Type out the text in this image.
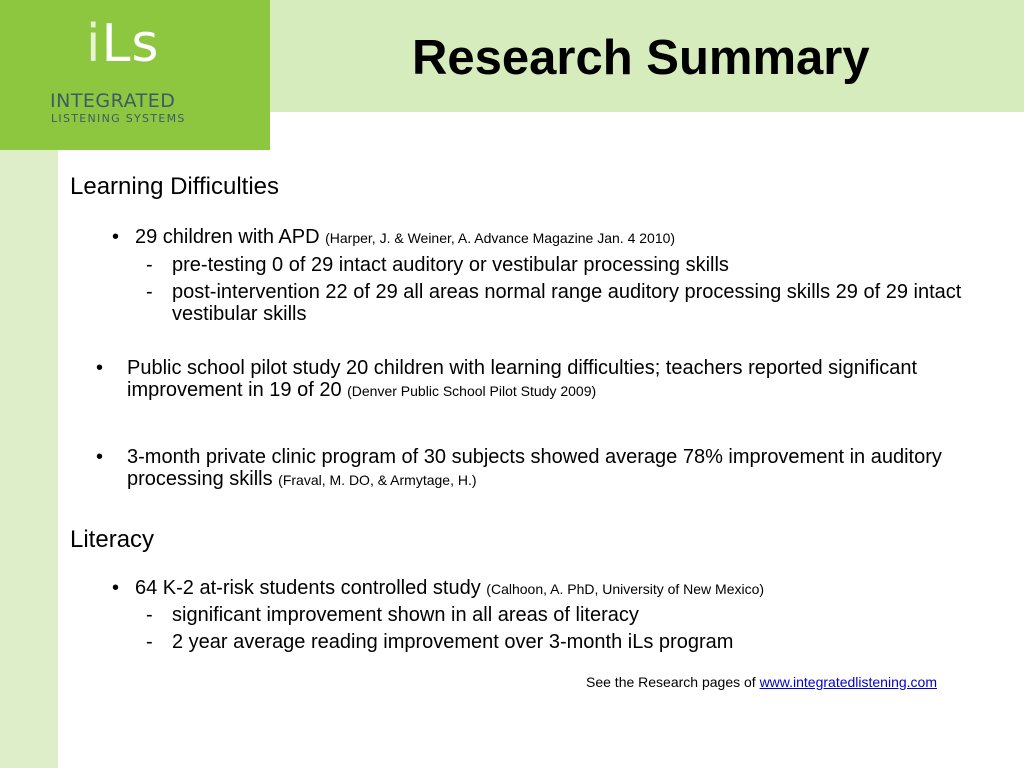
iLs
INTEGRATED
LISTENING SYSTEMS
Research Summary
Learning Difficulties
• 29 children with APD (Harper, J. & Weiner, A. Advance Magazine Jan. 4 2010)
- pre-testing 0 of 29 intact auditory or vestibular processing skills
- post-intervention 22 of 29 all areas normal range auditory processing skills 29 of 29 intact vestibular skills
• Public school pilot study 20 children with learning difficulties; teachers reported significant improvement in 19 of 20 (Denver Public School Pilot Study 2009)
• 3-month private clinic program of 30 subjects showed average 78% improvement in auditory processing skills (Fraval, M. DO, & Armytage, H.)
Literacy
• 64 K-2 at-risk students controlled study (Calhoon, A. PhD, University of New Mexico)
- significant improvement shown in all areas of literacy
- 2 year average reading improvement over 3-month iLs program
See the Research pages of www.integratedlistening.com
